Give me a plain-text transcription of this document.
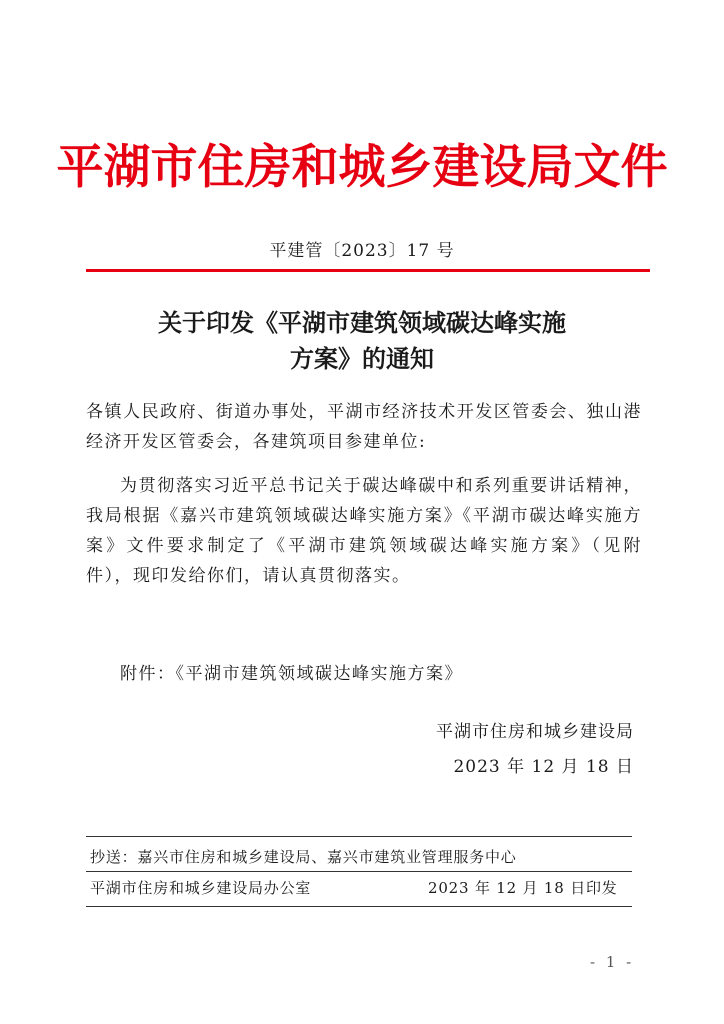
平湖市住房和城乡建设局文件
平建管〔2023〕17 号
关于印发《平湖市建筑领域碳达峰实施
方案》的通知

各镇人民政府、街道办事处，平湖市经济技术开发区管委会、独山港经济开发区管委会，各建筑项目参建单位:

为贯彻落实习近平总书记关于碳达峰碳中和系列重要讲话精神，我局根据《嘉兴市建筑领域碳达峰实施方案》《平湖市碳达峰实施方案》文件要求制定了《平湖市建筑领域碳达峰实施方案》（见附件），现印发给你们，请认真贯彻落实。

附件：《平湖市建筑领域碳达峰实施方案》

平湖市住房和城乡建设局
2023 年 12 月 18 日
抄送：嘉兴市住房和城乡建设局、嘉兴市建筑业管理服务中心
平湖市住房和城乡建设局办公室	2023 年 12 月 18 日印发
- 1 -
